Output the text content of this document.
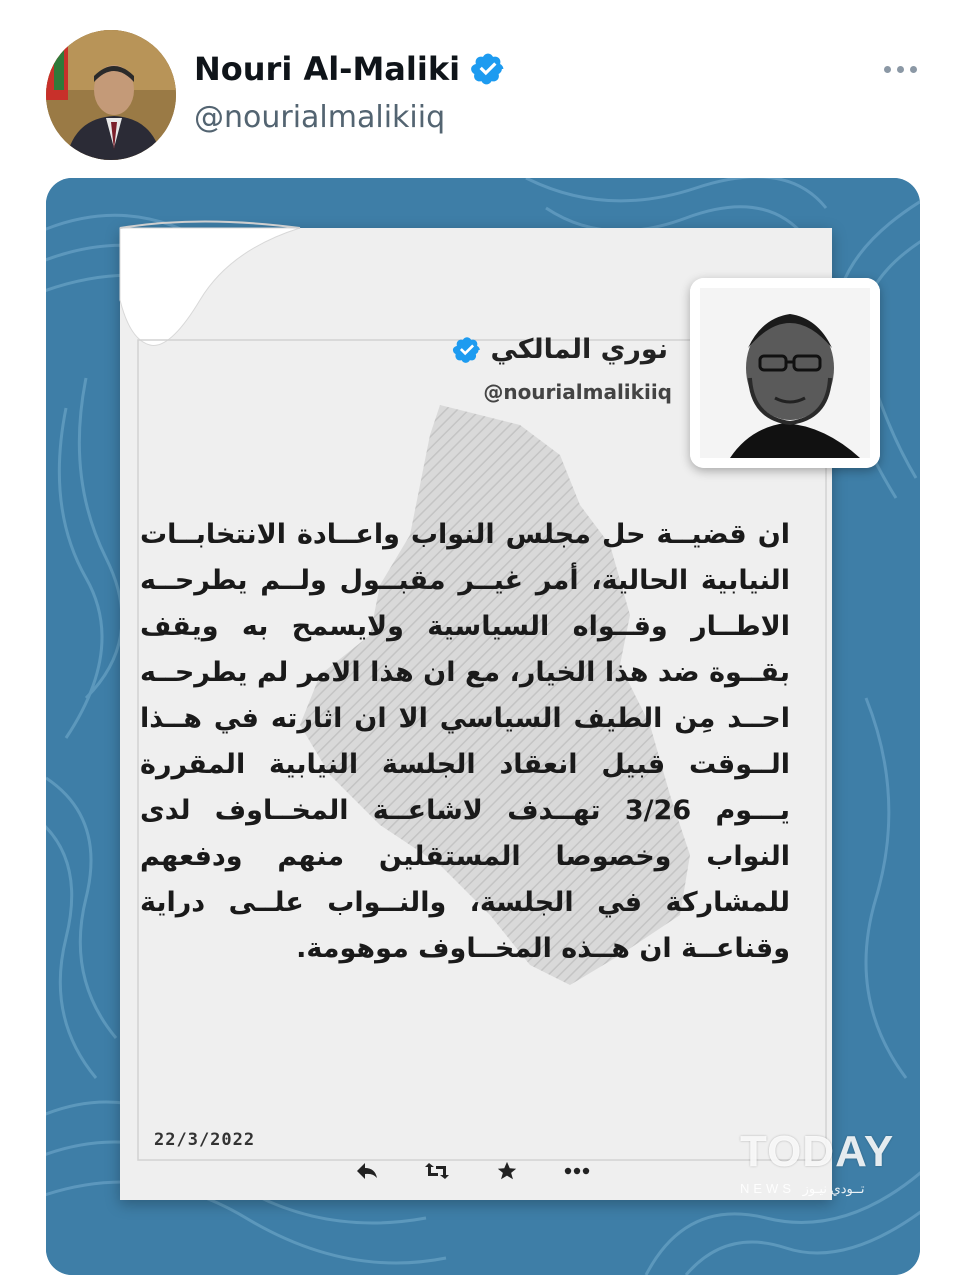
Nouri Al-Maliki
@nourialmalikiiq
نوري المالكي
@nourialmalikiiq
ان قضيــة حل مجلس النواب واعــادة الانتخابــات النيابية الحالية، أمر غيــر مقبــول ولــم يطرحــه الاطــار وقــواه السياسية ولايسمح به ويقف بقــوة ضد هذا الخيار، مع ان هذا الامر لم يطرحــه احــد مِن الطيف السياسي الا ان اثارته في هــذا الــوقت قبيل انعقاد الجلسة النيابية المقررة يـــوم 3/26 تهــدف لاشاعــة المخــاوف لدى النواب وخصوصا المستقلين منهم ودفعهم للمشاركة في الجلسة، والنــواب علــى دراية وقناعــة ان هــذه المخــاوف موهومة.
22/3/2022	TODAY
NEWS تــودي نيـوز
